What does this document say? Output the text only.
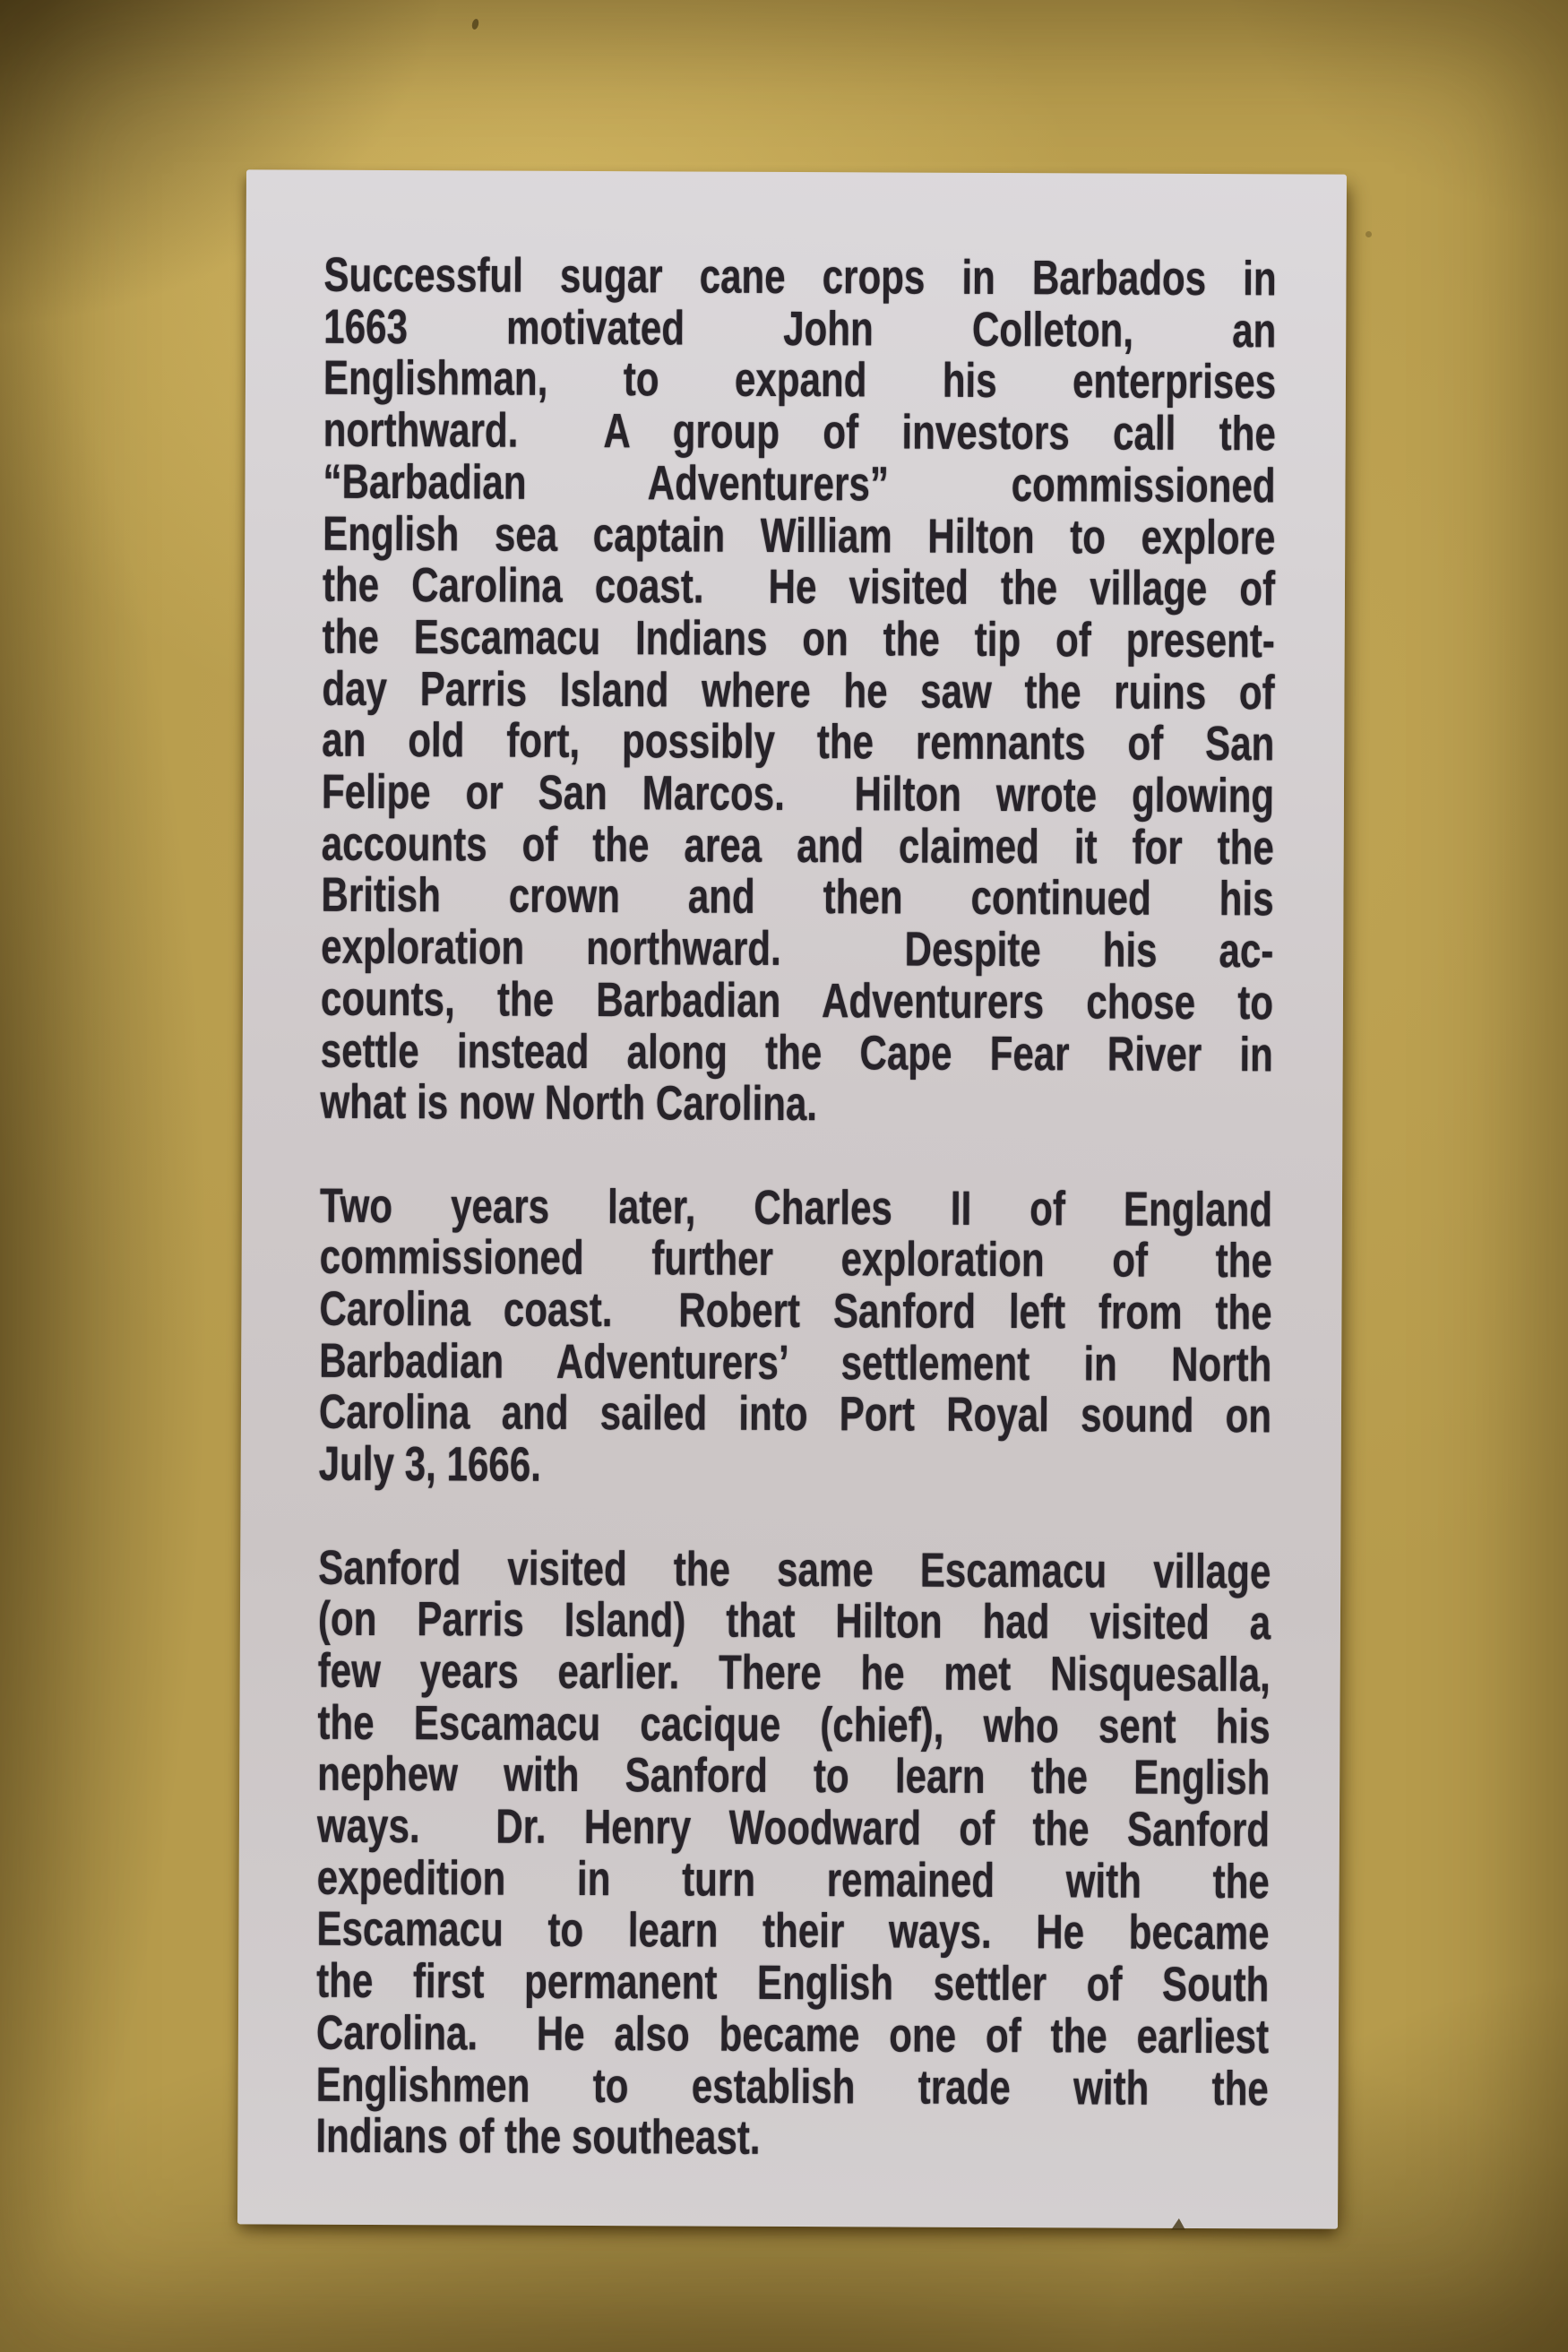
Successful sugar cane crops in Barbados in
1663 motivated John Colleton, an
Englishman, to expand his enterprises
northward.  A group of investors call the
“Barbadian Adventurers” commissioned
English sea captain William Hilton to explore
the Carolina coast.  He visited the village of
the Escamacu Indians on the tip of present-
day Parris Island where he saw the ruins of
an old fort, possibly the remnants of San
Felipe or San Marcos.  Hilton wrote glowing
accounts of the area and claimed it for the
British crown and then continued his
exploration northward.  Despite his ac-
counts, the Barbadian Adventurers chose to
settle instead along the Cape Fear River in
what is now North Carolina.
Two years later, Charles II of England
commissioned further exploration of the
Carolina coast.  Robert Sanford left from the
Barbadian Adventurers’ settlement in North
Carolina and sailed into Port Royal sound on
July 3, 1666.
Sanford visited the same Escamacu village
(on Parris Island) that Hilton had visited a
few years earlier. There he met Nisquesalla,
the Escamacu cacique (chief), who sent his
nephew with Sanford to learn the English
ways.  Dr. Henry Woodward of the Sanford
expedition in turn remained with the
Escamacu to learn their ways. He became
the first permanent English settler of South
Carolina.  He also became one of the earliest
Englishmen to establish trade with the
Indians of the southeast.
